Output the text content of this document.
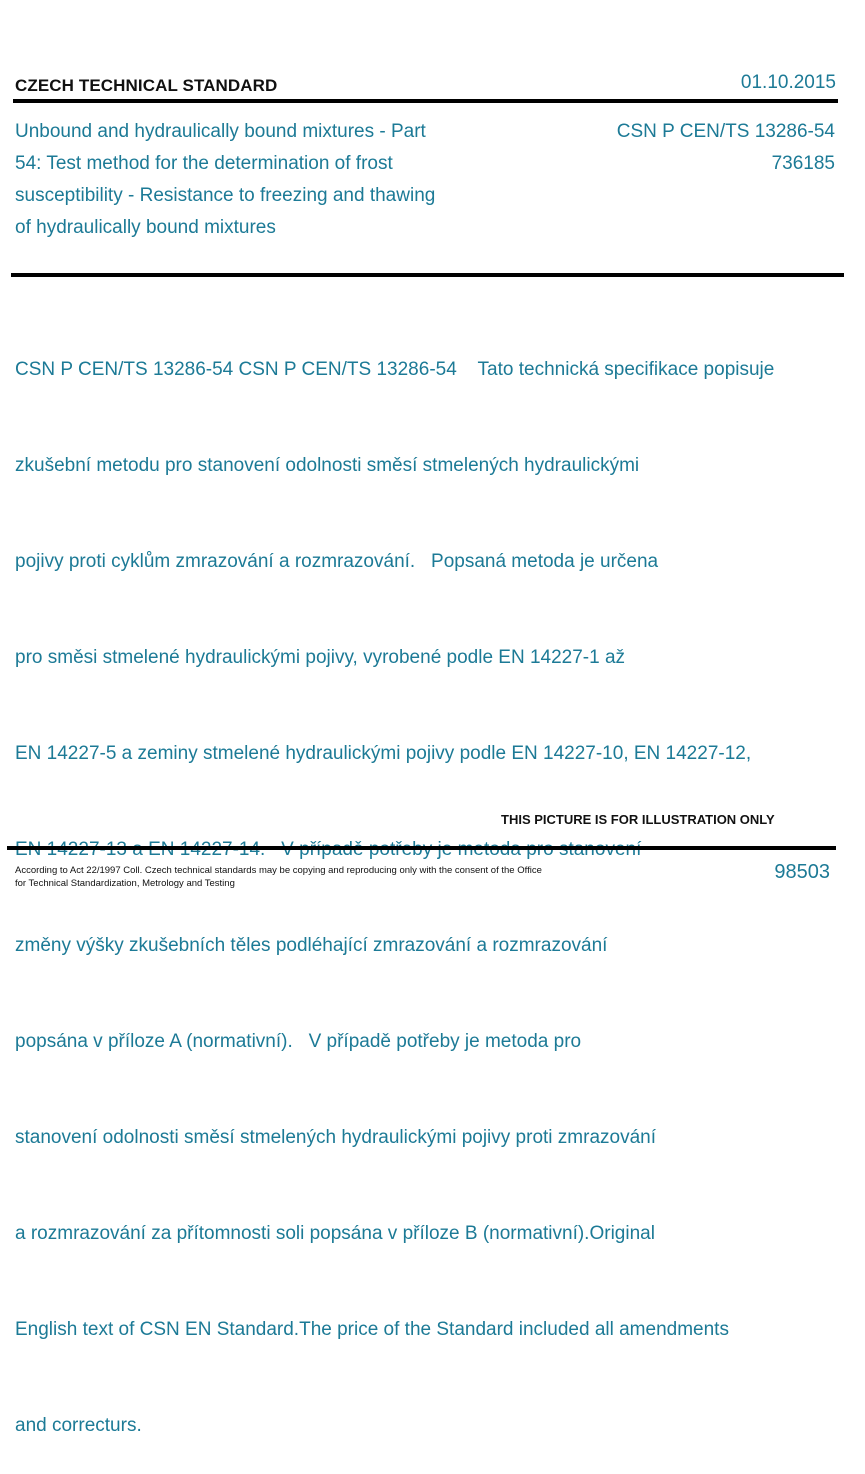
CZECH TECHNICAL STANDARD	01.10.2015
Unbound and hydraulically bound mixtures - Part
54: Test method for the determination of frost
susceptibility - Resistance to freezing and thawing
of hydraulically bound mixtures
CSN P CEN/TS 13286-54
736185

CSN P CEN/TS 13286-54 CSN P CEN/TS 13286-54    Tato technická specifikace popisuje

zkušební metodu pro stanovení odolnosti směsí stmelených hydraulickými

pojivy proti cyklům zmrazování a rozmrazování.   Popsaná metoda je určena

pro směsi stmelené hydraulickými pojivy, vyrobené podle EN 14227-1 až

EN 14227-5 a zeminy stmelené hydraulickými pojivy podle EN 14227-10, EN 14227-12,

změny výšky zkušebních těles podléhající zmrazování a rozmrazování

popsána v příloze A (normativní).   V případě potřeby je metoda pro

stanovení odolnosti směsí stmelených hydraulickými pojivy proti zmrazování

a rozmrazování za přítomnosti soli popsána v příloze B (normativní).Original

English text of CSN EN Standard.The price of the Standard included all amendments

and correcturs.

THIS PICTURE IS FOR ILLUSTRATION ONLY
According to Act 22/1997 Coll. Czech technical standards may be copying and reproducing only with the consent of the Office
for Technical Standardization, Metrology and Testing
98503
